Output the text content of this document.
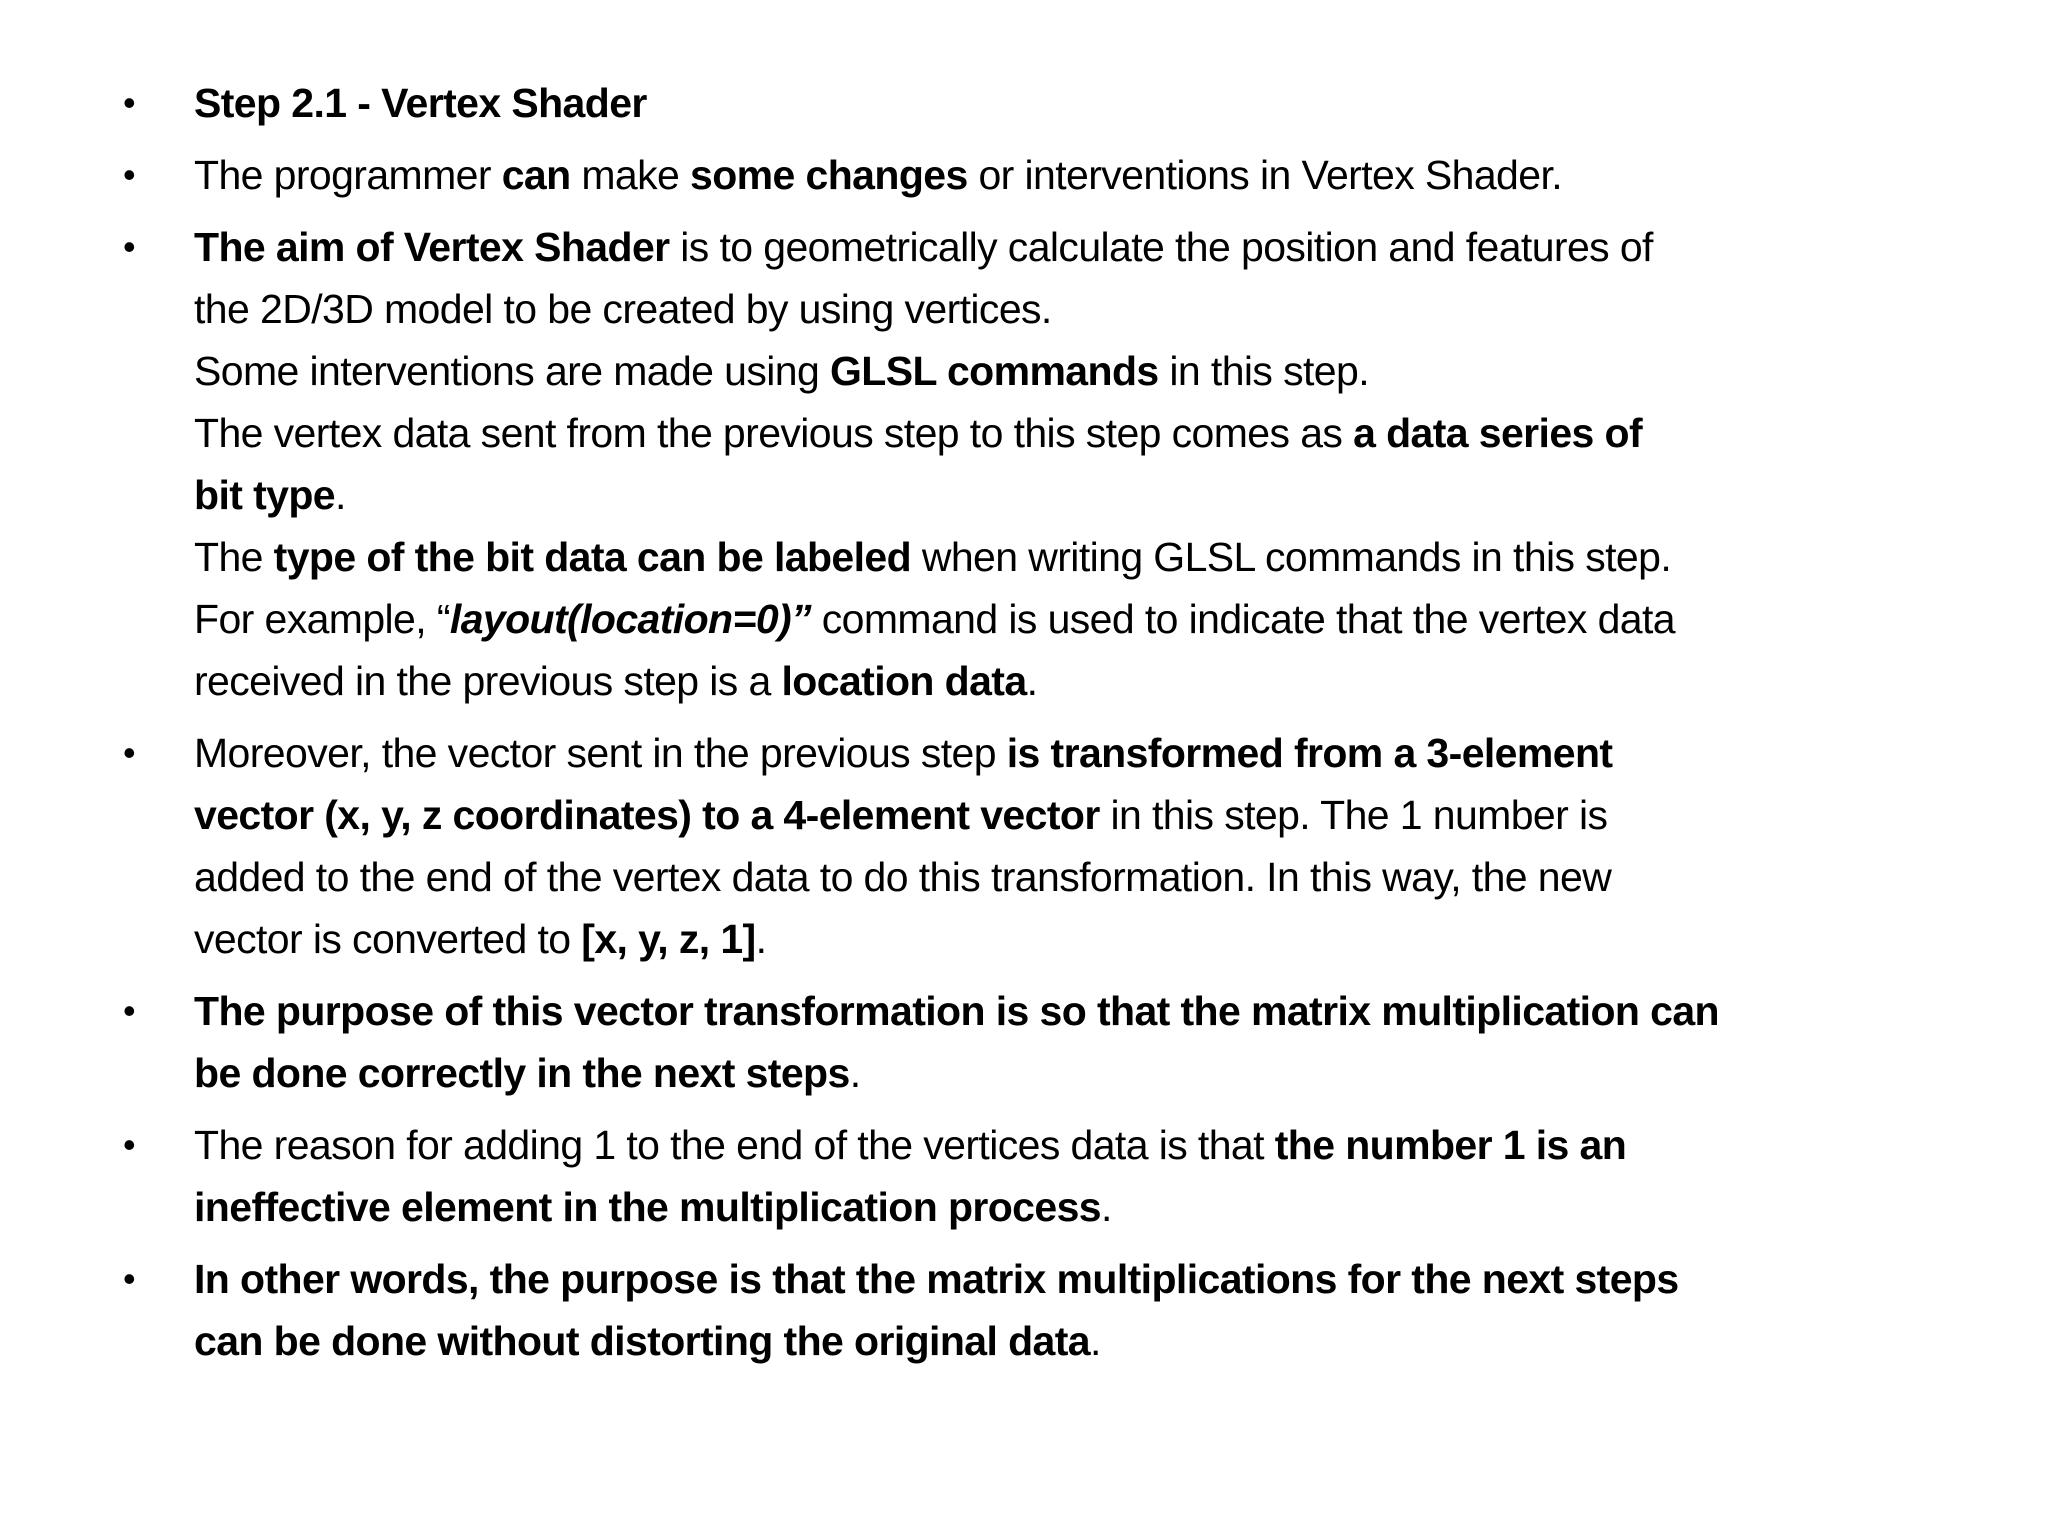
• Step 2.1 - Vertex Shader
• The programmer can make some changes or interventions in Vertex Shader.
• The aim of Vertex Shader is to geometrically calculate the position and features of
the 2D/3D model to be created by using vertices.
Some interventions are made using GLSL commands in this step.
The vertex data sent from the previous step to this step comes as a data series of
bit type.
The type of the bit data can be labeled when writing GLSL commands in this step.
For example, “layout(location=0)” command is used to indicate that the vertex data
received in the previous step is a location data.
• Moreover, the vector sent in the previous step is transformed from a 3-element
vector (x, y, z coordinates) to a 4-element vector in this step. The 1 number is
added to the end of the vertex data to do this transformation. In this way, the new
vector is converted to [x, y, z, 1].
• The purpose of this vector transformation is so that the matrix multiplication can
be done correctly in the next steps.
• The reason for adding 1 to the end of the vertices data is that the number 1 is an
ineffective element in the multiplication process.
• In other words, the purpose is that the matrix multiplications for the next steps
can be done without distorting the original data.
